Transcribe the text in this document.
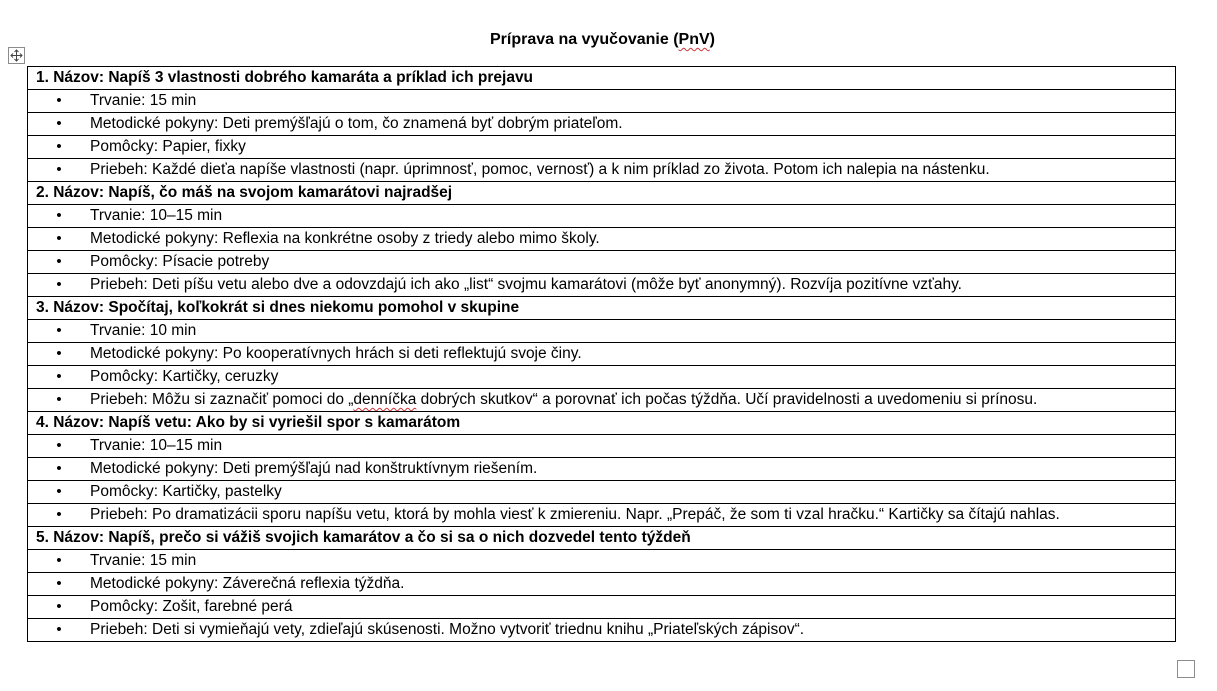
Príprava na vyučovanie (PnV)
1. Názov: Napíš 3 vlastnosti dobrého kamaráta a príklad ich prejavu
• Trvanie: 15 min
• Metodické pokyny: Deti premýšľajú o tom, čo znamená byť dobrým priateľom.
• Pomôcky: Papier, fixky
• Priebeh: Každé dieťa napíše vlastnosti (napr. úprimnosť, pomoc, vernosť) a k nim príklad zo života. Potom ich nalepia na nástenku.
2. Názov: Napíš, čo máš na svojom kamarátovi najradšej
• Trvanie: 10–15 min
• Metodické pokyny: Reflexia na konkrétne osoby z triedy alebo mimo školy.
• Pomôcky: Písacie potreby
• Priebeh: Deti píšu vetu alebo dve a odovzdajú ich ako „list“ svojmu kamarátovi (môže byť anonymný). Rozvíja pozitívne vzťahy.
3. Názov: Spočítaj, koľkokrát si dnes niekomu pomohol v skupine
• Trvanie: 10 min
• Metodické pokyny: Po kooperatívnych hrách si deti reflektujú svoje činy.
• Pomôcky: Kartičky, ceruzky
• Priebeh: Môžu si zaznačiť pomoci do „denníčka dobrých skutkov“ a porovnať ich počas týždňa. Učí pravidelnosti a uvedomeniu si prínosu.
4. Názov: Napíš vetu: Ako by si vyriešil spor s kamarátom
• Trvanie: 10–15 min
• Metodické pokyny: Deti premýšľajú nad konštruktívnym riešením.
• Pomôcky: Kartičky, pastelky
• Priebeh: Po dramatizácii sporu napíšu vetu, ktorá by mohla viesť k zmiereniu. Napr. „Prepáč, že som ti vzal hračku.“ Kartičky sa čítajú nahlas.
5. Názov: Napíš, prečo si vážiš svojich kamarátov a čo si sa o nich dozvedel tento týždeň
• Trvanie: 15 min
• Metodické pokyny: Záverečná reflexia týždňa.
• Pomôcky: Zošit, farebné perá
• Priebeh: Deti si vymieňajú vety, zdieľajú skúsenosti. Možno vytvoriť triednu knihu „Priateľských zápisov“.
